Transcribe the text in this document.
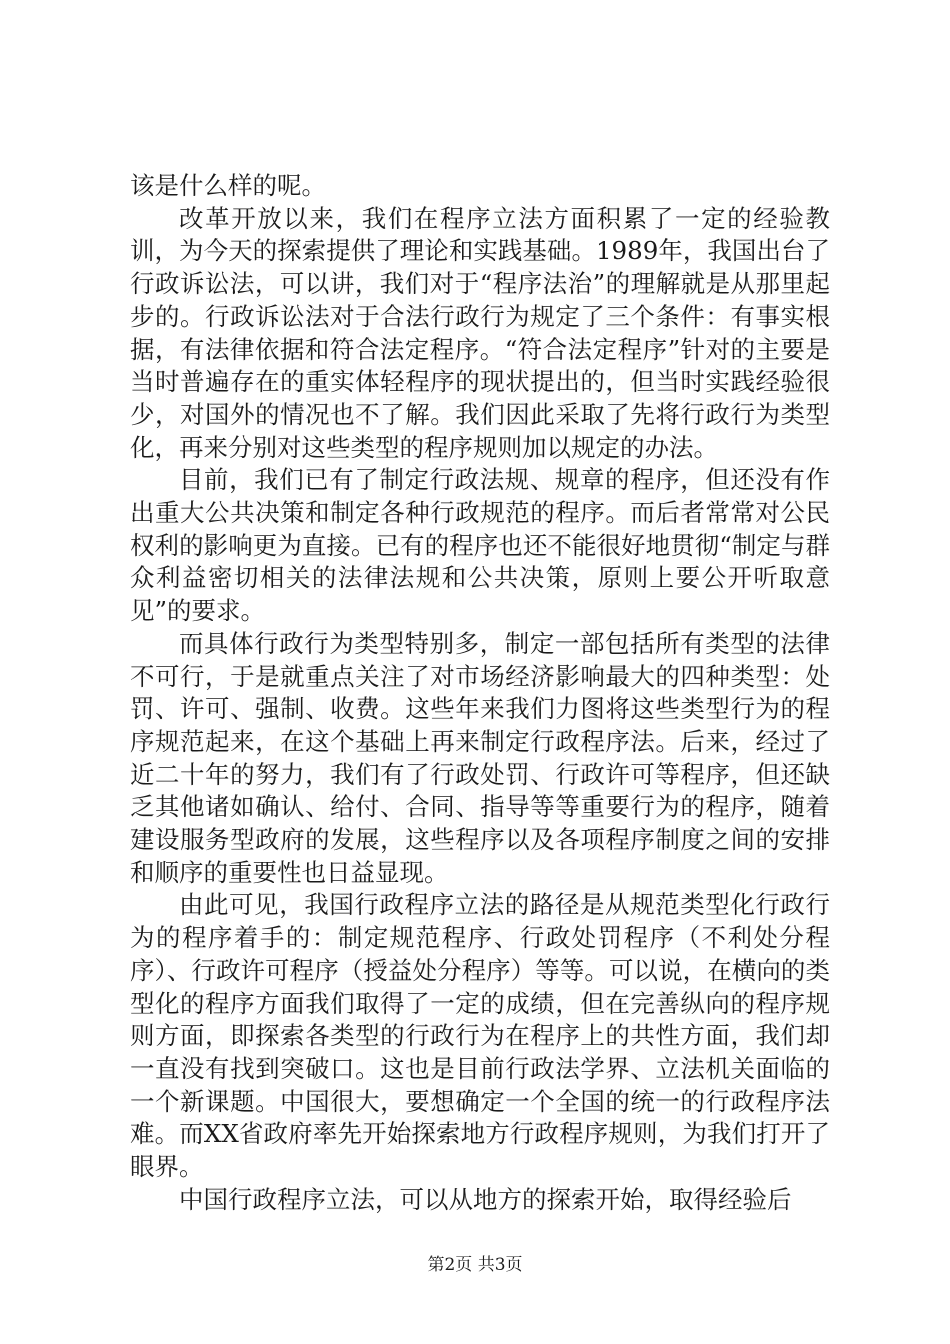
该是什么样的呢。

改革开放以来，我们在程序立法方面积累了一定的经验教训，为今天的探索提供了理论和实践基础。1989年，我国出台了行政诉讼法，可以讲，我们对于“程序法治”的理解就是从那里起步的。行政诉讼法对于合法行政行为规定了三个条件：有事实根据，有法律依据和符合法定程序。“符合法定程序”针对的主要是当时普遍存在的重实体轻程序的现状提出的，但当时实践经验很少，对国外的情况也不了解。我们因此采取了先将行政行为类型化，再来分别对这些类型的程序规则加以规定的办法。

目前，我们已有了制定行政法规、规章的程序，但还没有作出重大公共决策和制定各种行政规范的程序。而后者常常对公民权利的影响更为直接。已有的程序也还不能很好地贯彻“制定与群众利益密切相关的法律法规和公共决策，原则上要公开听取意见”的要求。

而具体行政行为类型特别多，制定一部包括所有类型的法律不可行，于是就重点关注了对市场经济影响最大的四种类型：处罚、许可、强制、收费。这些年来我们力图将这些类型行为的程序规范起来，在这个基础上再来制定行政程序法。后来，经过了近二十年的努力，我们有了行政处罚、行政许可等程序，但还缺乏其他诸如确认、给付、合同、指导等等重要行为的程序，随着建设服务型政府的发展，这些程序以及各项程序制度之间的安排和顺序的重要性也日益显现。

由此可见，我国行政程序立法的路径是从规范类型化行政行为的程序着手的：制定规范程序、行政处罚程序（不利处分程序）、行政许可程序（授益处分程序）等等。可以说，在横向的类型化的程序方面我们取得了一定的成绩，但在完善纵向的程序规则方面，即探索各类型的行政行为在程序上的共性方面，我们却一直没有找到突破口。这也是目前行政法学界、立法机关面临的一个新课题。中国很大，要想确定一个全国的统一的行政程序法难。而XX省政府率先开始探索地方行政程序规则，为我们打开了眼界。

中国行政程序立法，可以从地方的探索开始，取得经验后

第2页 共3页
